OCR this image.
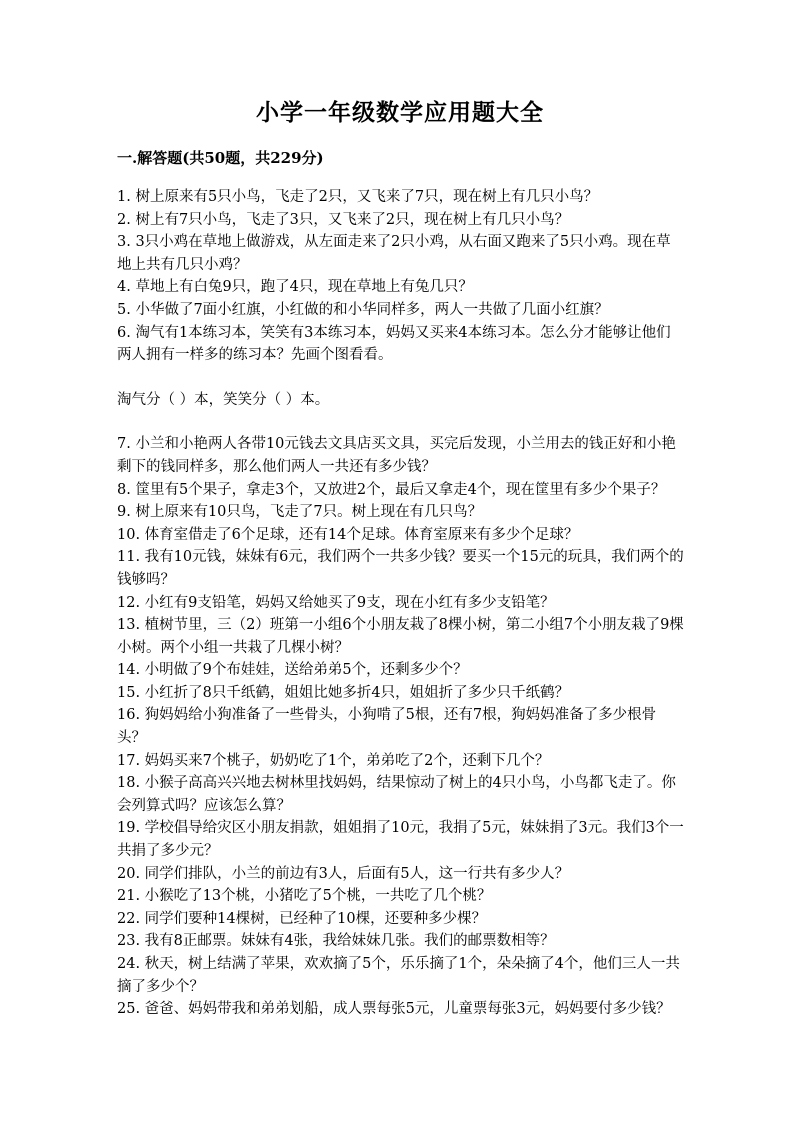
小学一年级数学应用题大全
一.解答题(共50题，共229分)

1. 树上原来有5只小鸟，飞走了2只，又飞来了7只，现在树上有几只小鸟？

2. 树上有7只小鸟，飞走了3只，又飞来了2只，现在树上有几只小鸟？

3. 3只小鸡在草地上做游戏，从左面走来了2只小鸡，从右面又跑来了5只小鸡。现在草地上共有几只小鸡？

4. 草地上有白兔9只，跑了4只，现在草地上有兔几只？

5. 小华做了7面小红旗，小红做的和小华同样多，两人一共做了几面小红旗？

6. 淘气有1本练习本，笑笑有3本练习本，妈妈又买来4本练习本。怎么分才能够让他们两人拥有一样多的练习本？先画个图看看。

淘气分（ ）本，笑笑分（ ）本。

7. 小兰和小艳两人各带10元钱去文具店买文具，买完后发现，小兰用去的钱正好和小艳剩下的钱同样多，那么他们两人一共还有多少钱？

8. 筐里有5个果子，拿走3个，又放进2个，最后又拿走4个，现在筐里有多少个果子？

9. 树上原来有10只鸟，飞走了7只。树上现在有几只鸟？

10. 体育室借走了6个足球，还有14个足球。体育室原来有多少个足球？

11. 我有10元钱，妹妹有6元，我们两个一共多少钱？要买一个15元的玩具，我们两个的钱够吗？

12. 小红有9支铅笔，妈妈又给她买了9支，现在小红有多少支铅笔？

13. 植树节里，三（2）班第一小组6个小朋友栽了8棵小树，第二小组7个小朋友栽了9棵小树。两个小组一共栽了几棵小树？

14. 小明做了9个布娃娃，送给弟弟5个，还剩多少个？

15. 小红折了8只千纸鹤，姐姐比她多折4只，姐姐折了多少只千纸鹤？

16. 狗妈妈给小狗准备了一些骨头，小狗啃了5根，还有7根，狗妈妈准备了多少根骨头？

17. 妈妈买来7个桃子，奶奶吃了1个，弟弟吃了2个，还剩下几个？

18. 小猴子高高兴兴地去树林里找妈妈，结果惊动了树上的4只小鸟，小鸟都飞走了。你会列算式吗？应该怎么算？

19. 学校倡导给灾区小朋友捐款，姐姐捐了10元，我捐了5元，妹妹捐了3元。我们3个一共捐了多少元？

20. 同学们排队，小兰的前边有3人，后面有5人，这一行共有多少人？

21. 小猴吃了13个桃，小猪吃了5个桃，一共吃了几个桃？

22. 同学们要种14棵树，已经种了10棵，还要种多少棵？

23. 我有8正邮票。妹妹有4张，我给妹妹几张。我们的邮票数相等？

24. 秋天，树上结满了苹果，欢欢摘了5个，乐乐摘了1个，朵朵摘了4个，他们三人一共摘了多少个？

25. 爸爸、妈妈带我和弟弟划船，成人票每张5元，儿童票每张3元，妈妈要付多少钱？
